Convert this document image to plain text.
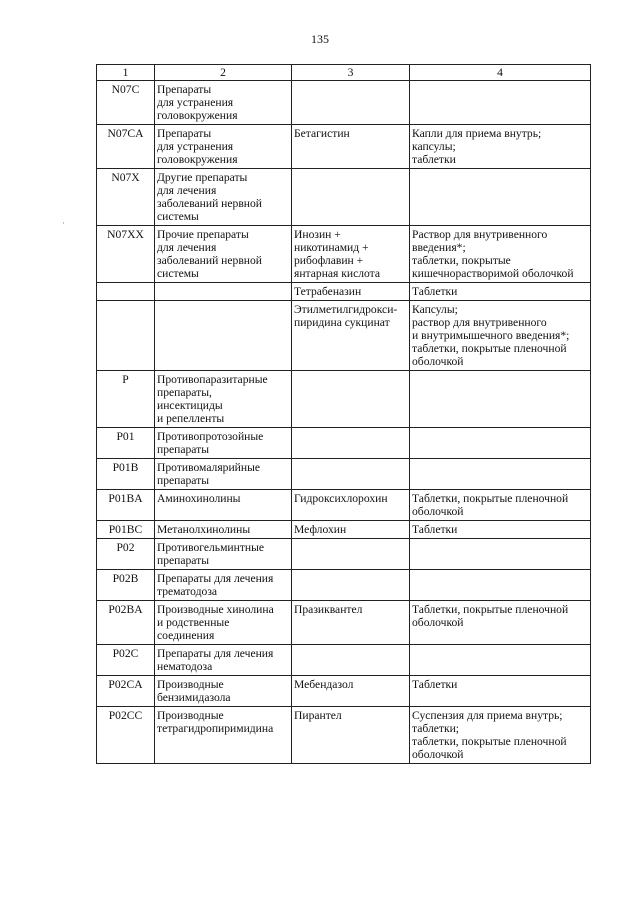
135
·
1	2	3	4

N07C	Препараты
для устранения
головокружения		

N07CA	Препараты
для устранения
головокружения	Бетагистин	Капли для приема внутрь;
капсулы;
таблетки

N07X	Другие препараты
для лечения
заболеваний нервной
системы		

N07XX	Прочие препараты
для лечения
заболеваний нервной
системы	Инозин +
никотинамид +
рибофлавин +
янтарная кислота	Раствор для внутривенного
введения*;
таблетки, покрытые
кишечнорастворимой оболочкой

		Тетрабеназин	Таблетки

		Этилметилгидрокси-
пиридина сукцинат	Капсулы;
раствор для внутривенного
и внутримышечного введения*;
таблетки, покрытые пленочной
оболочкой

P	Противопаразитарные
препараты,
инсектициды
и репелленты		

P01	Противопротозойные
препараты		

P01B	Противомалярийные
препараты		

P01BA	Аминохинолины	Гидроксихлорохин	Таблетки, покрытые пленочной
оболочкой

P01BC	Метанолхинолины	Мефлохин	Таблетки

P02	Противогельминтные
препараты		

P02B	Препараты для лечения
трематодоза		

P02BA	Производные хинолина
и родственные
соединения	Празиквантел	Таблетки, покрытые пленочной
оболочкой

P02C	Препараты для лечения
нематодоза		

P02CA	Производные
бензимидазола	Мебендазол	Таблетки

P02CC	Производные
тетрагидропиримидина	Пирантел	Суспензия для приема внутрь;
таблетки;
таблетки, покрытые пленочной
оболочкой
